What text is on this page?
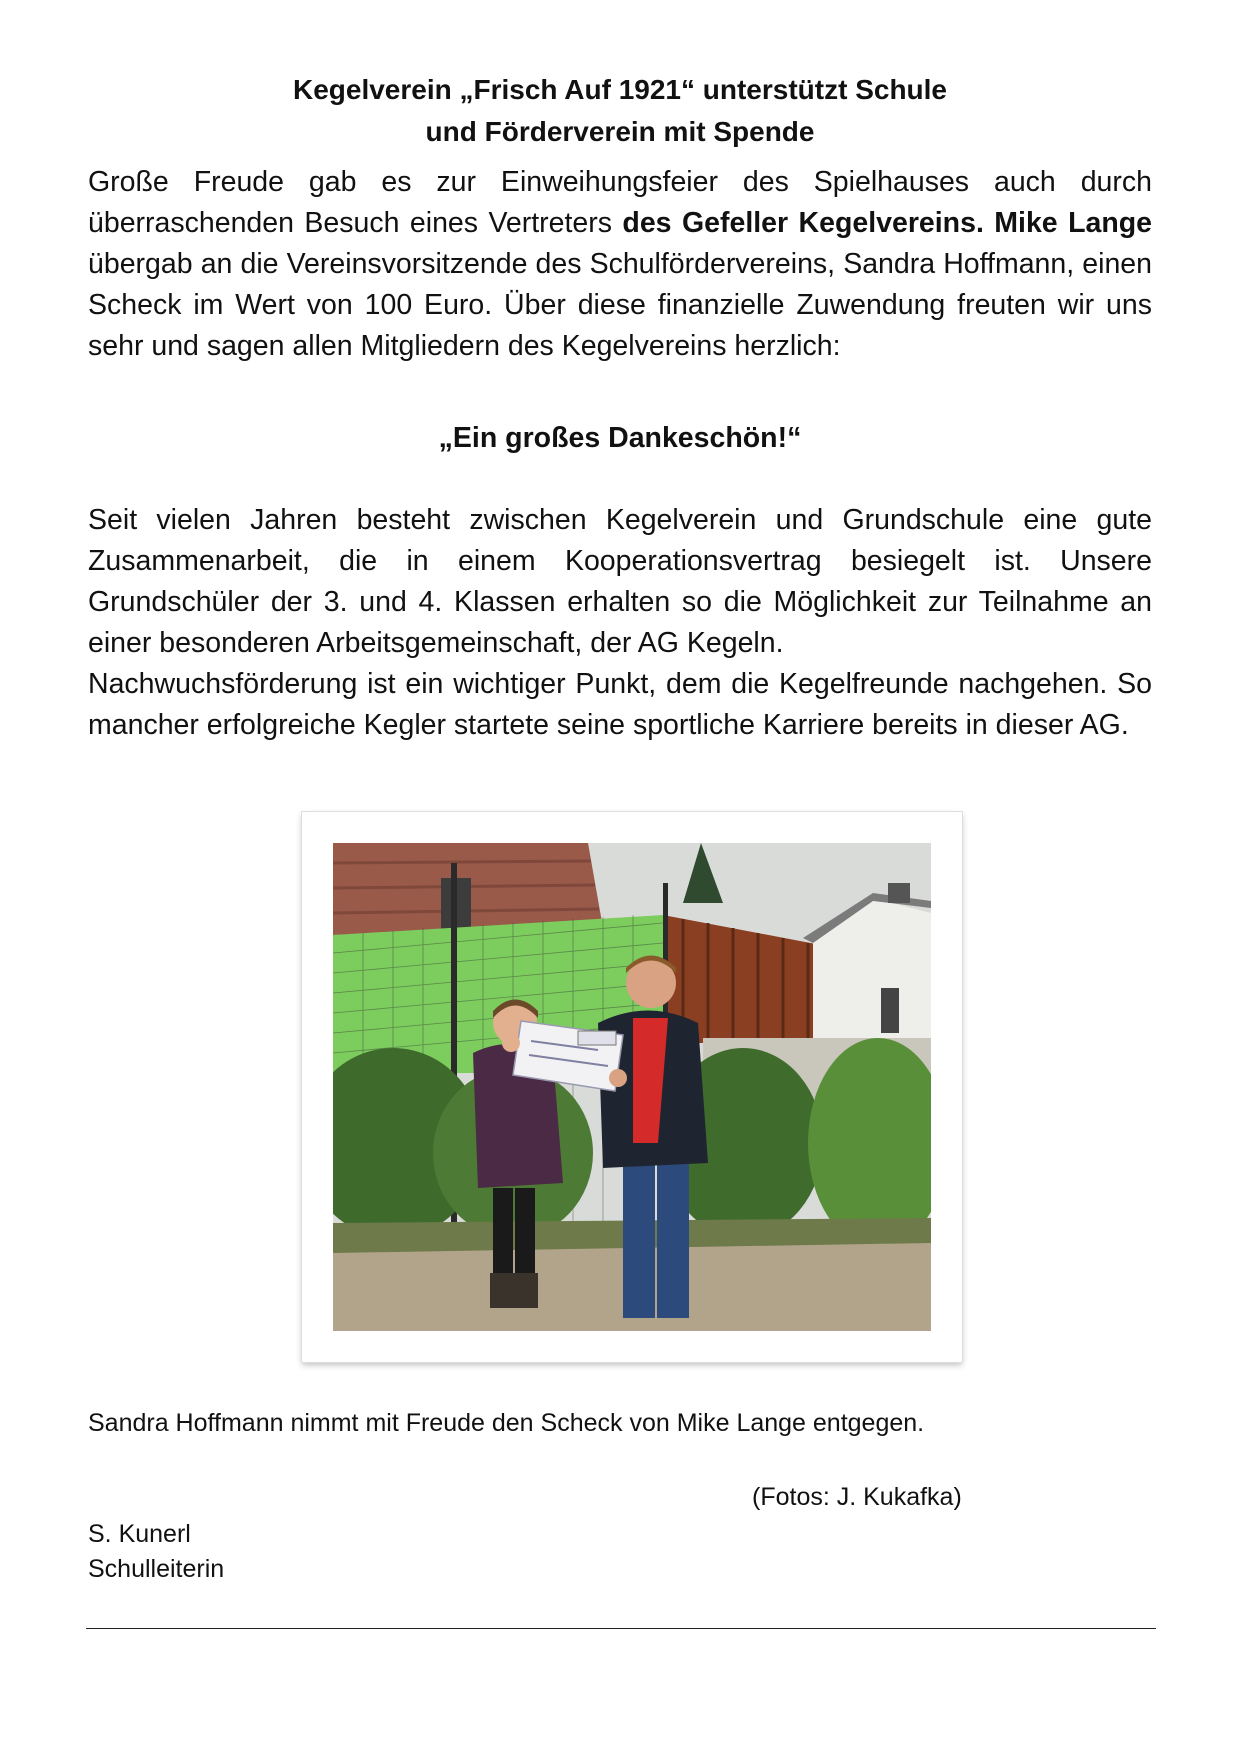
Kegelverein „Frisch Auf 1921“ unterstützt Schule
und Förderverein mit Spende

Große Freude gab es zur Einweihungsfeier des Spielhauses auch durch überraschenden Besuch eines Vertreters des Gefeller Kegelvereins. Mike Lange übergab an die Vereinsvorsitzende des Schulfördervereins, Sandra Hoffmann, einen Scheck im Wert von 100 Euro. Über diese finanzielle Zuwendung freuten wir uns sehr und sagen allen Mitgliedern des Kegelvereins herzlich:

„Ein großes Dankeschön!“

Seit vielen Jahren besteht zwischen Kegelverein und Grundschule eine gute Zusammenarbeit, die in einem Kooperationsvertrag besiegelt ist. Unsere Grundschüler der 3. und 4. Klassen erhalten so die Möglichkeit zur Teilnahme an einer besonderen Arbeitsgemeinschaft, der AG Kegeln.

Nachwuchsförderung ist ein wichtiger Punkt, dem die Kegelfreunde nachgehen. So mancher erfolgreiche Kegler startete seine sportliche Karriere bereits in dieser AG.

Sandra Hoffmann nimmt mit Freude den Scheck von Mike Lange entgegen.
(Fotos: J. Kukafka)
S. Kunerl
Schulleiterin
